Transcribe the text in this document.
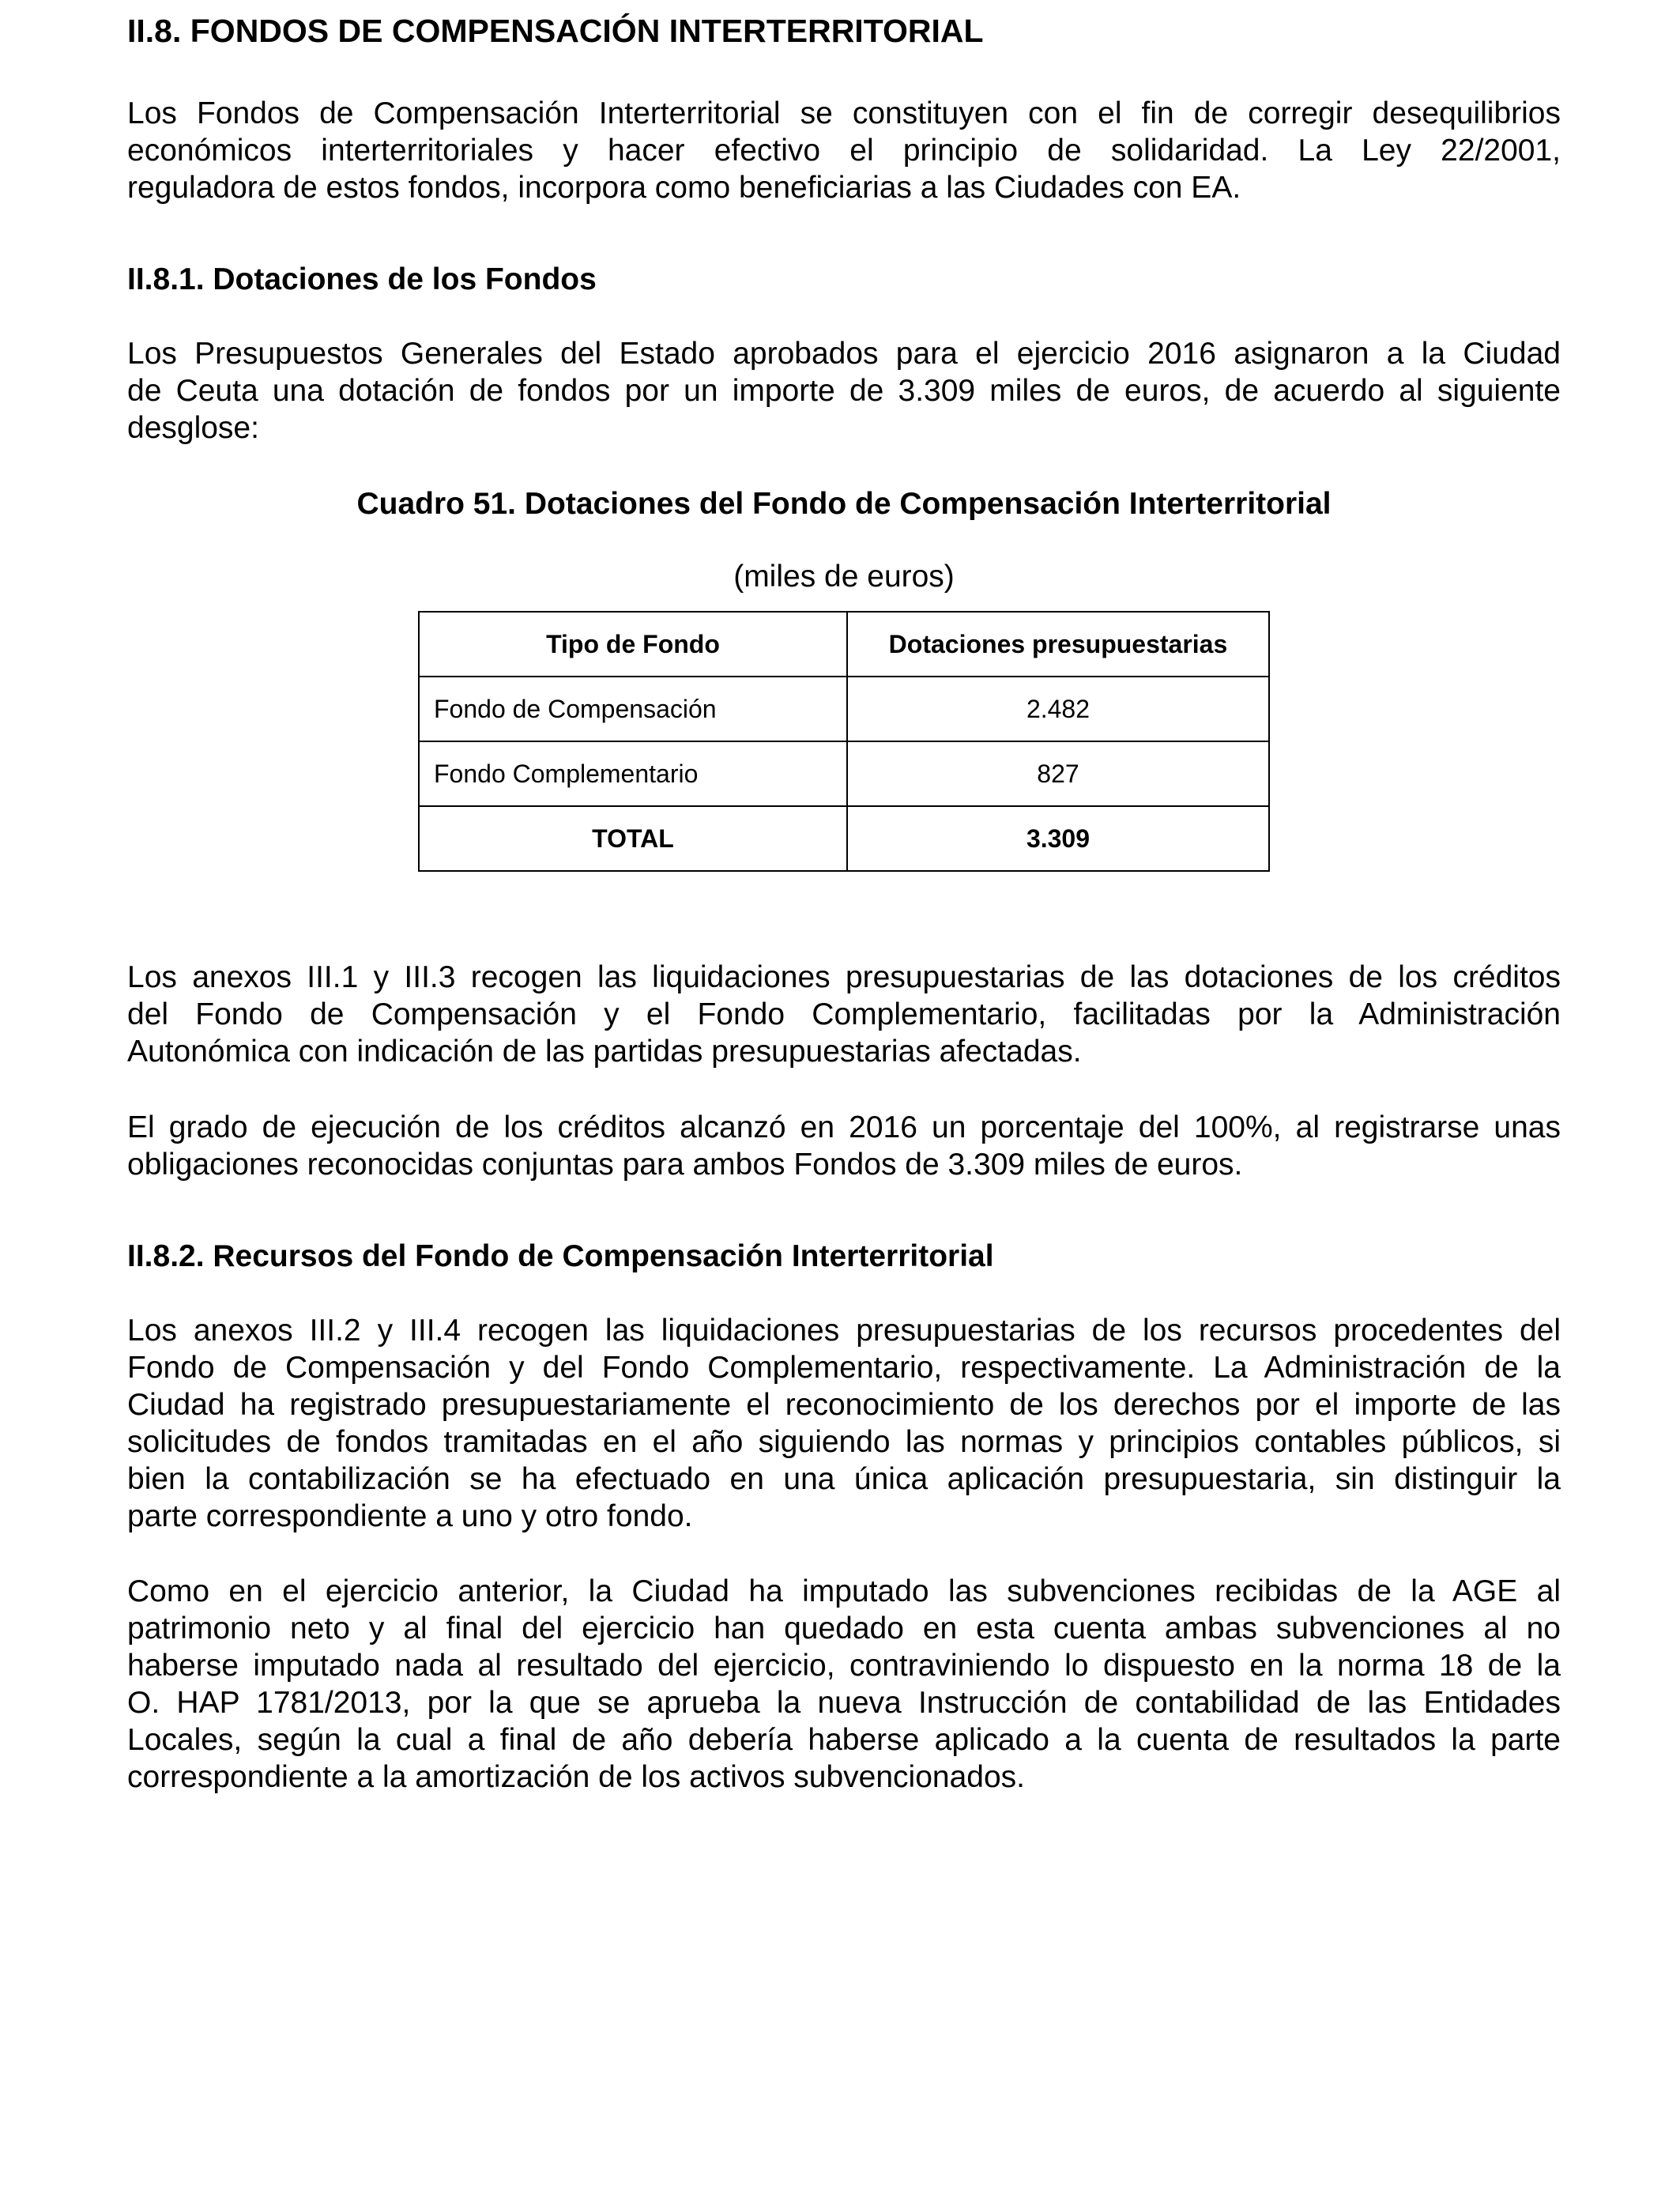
II.8. FONDOS DE COMPENSACIÓN INTERTERRITORIAL
Los Fondos de Compensación Interterritorial se constituyen con el fin de corregir desequilibrios
económicos interterritoriales y hacer efectivo el principio de solidaridad. La Ley 22/2001,
reguladora de estos fondos, incorpora como beneficiarias a las Ciudades con EA.
II.8.1. Dotaciones de los Fondos
Los Presupuestos Generales del Estado aprobados para el ejercicio 2016 asignaron a la Ciudad
de Ceuta una dotación de fondos por un importe de 3.309 miles de euros, de acuerdo al siguiente
desglose:
Cuadro 51. Dotaciones del Fondo de Compensación Interterritorial
(miles de euros)
Tipo de Fondo	Dotaciones presupuestarias
Fondo de Compensación	2.482
Fondo Complementario	827
TOTAL	3.309
Los anexos III.1 y III.3 recogen las liquidaciones presupuestarias de las dotaciones de los créditos
del Fondo de Compensación y el Fondo Complementario, facilitadas por la Administración
Autonómica con indicación de las partidas presupuestarias afectadas.
El grado de ejecución de los créditos alcanzó en 2016 un porcentaje del 100%, al registrarse unas
obligaciones reconocidas conjuntas para ambos Fondos de 3.309 miles de euros.
II.8.2. Recursos del Fondo de Compensación Interterritorial
Los anexos III.2 y III.4 recogen las liquidaciones presupuestarias de los recursos procedentes del
Fondo de Compensación y del Fondo Complementario, respectivamente. La Administración de la
Ciudad ha registrado presupuestariamente el reconocimiento de los derechos por el importe de las
solicitudes de fondos tramitadas en el año siguiendo las normas y principios contables públicos, si
bien la contabilización se ha efectuado en una única aplicación presupuestaria, sin distinguir la
parte correspondiente a uno y otro fondo.
Como en el ejercicio anterior, la Ciudad ha imputado las subvenciones recibidas de la AGE al
patrimonio neto y al final del ejercicio han quedado en esta cuenta ambas subvenciones al no
haberse imputado nada al resultado del ejercicio, contraviniendo lo dispuesto en la norma 18 de la
O. HAP 1781/2013, por la que se aprueba la nueva Instrucción de contabilidad de las Entidades
Locales, según la cual a final de año debería haberse aplicado a la cuenta de resultados la parte
correspondiente a la amortización de los activos subvencionados.
